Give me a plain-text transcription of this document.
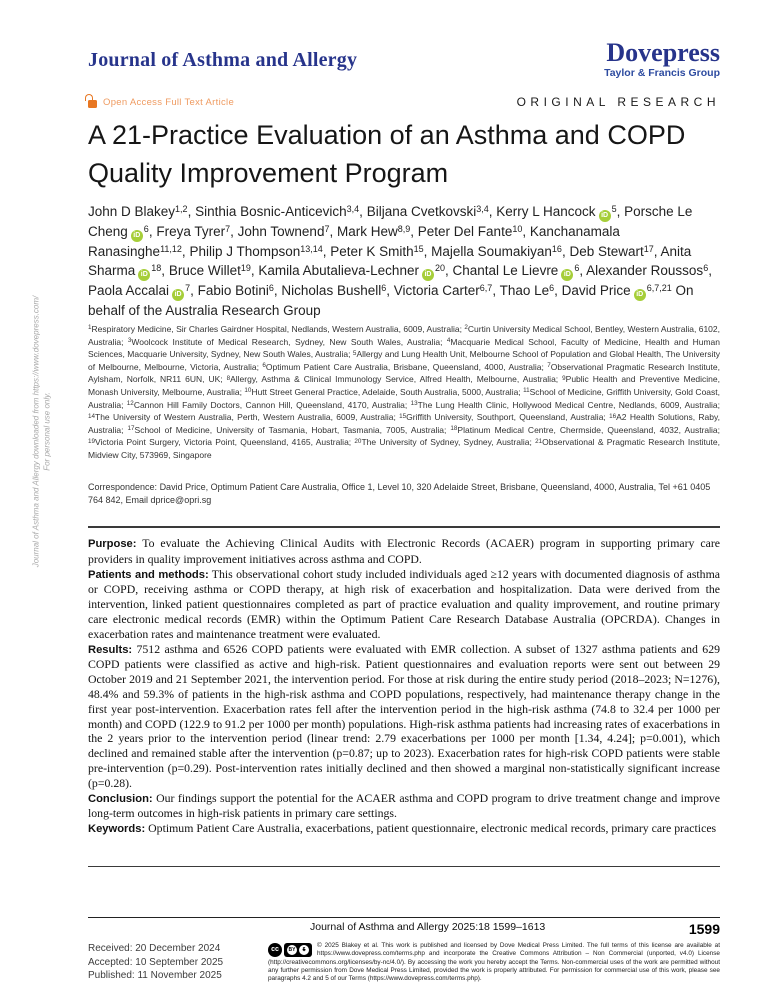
Journal of Asthma and Allergy downloaded from https://www.dovepress.com/ For personal use only.
Journal of Asthma and Allergy	Dovepress
Taylor & Francis Group
Open Access Full Text Article	ORIGINAL RESEARCH
A 21-Practice Evaluation of an Asthma and COPD
Quality Improvement Program

John D Blakey$^{1,2}$, Sinthia Bosnic-Anticevich$^{3,4}$, Biljana Cvetkovski$^{3,4}$, Kerry L Hancock $iD^5$, Porsche Le Cheng $iD^6$, Freya Tyrer$^7$, John Townend$^7$, Mark Hew$^{8,9}$, Peter Del Fante$^{10}$, Kanchanamala Ranasinghe$^{11,12}$, Philip J Thompson$^{13,14}$, Peter K Smith$^{15}$, Majella Soumakiyan$^{16}$, Deb Stewart$^{17}$, Anita Sharma $iD^{18}$, Bruce Willet$^{19}$, Kamila Abutalieva-Lechner $iD^{20}$, Chantal Le Lievre $iD^6$, Alexander Roussos$^6$, Paola Accalai $iD^7$, Fabio Botini$^6$, Nicholas Bushell$^6$, Victoria Carter$^{6,7}$, Thao Le$^6$, David Price iD$^{6,7,21}$ On behalf of the Australia Research Group

$^1$Respiratory Medicine, Sir Charles Gairdner Hospital, Nedlands, Western Australia, 6009, Australia; $^2$Curtin University Medical School, Bentley, Western Australia, 6102, Australia; $^3$Woolcock Institute of Medical Research, Sydney, New South Wales, Australia; $^4$Macquarie Medical School, Faculty of Medicine, Health and Human Sciences, Macquarie University, Sydney, New South Wales, Australia; $^5$Allergy and Lung Health Unit, Melbourne School of Population and Global Health, The University of Melbourne, Melbourne, Victoria, Australia; $^6$Optimum Patient Care Australia, Brisbane, Queensland, 4000, Australia; $^7$Observational Pragmatic Research Institute, Aylsham, Norfolk, NR11 6UN, UK; $^8$Allergy, Asthma & Clinical Immunology Service, Alfred Health, Melbourne, Australia; $^9$Public Health and Preventive Medicine, Monash University, Melbourne, Australia; $^{10}$Hutt Street General Practice, Adelaide, South Australia, 5000, Australia; $^{11}$School of Medicine, Griffith University, Gold Coast, Australia; $^{12}$Cannon Hill Family Doctors, Cannon Hill, Queensland, 4170, Australia; $^{13}$The Lung Health Clinic, Hollywood Medical Centre, Nedlands, 6009, Australia; $^{14}$The University of Western Australia, Perth, Western Australia, 6009, Australia; $^{15}$Griffith University, Southport, Queensland, Australia; $^{16}$A2 Health Solutions, Raby, Australia; $^{17}$School of Medicine, University of Tasmania, Hobart, Tasmania, 7005, Australia; $^{18}$Platinum Medical Centre, Chermside, Queensland, 4032, Australia; $^{19}$Victoria Point Surgery, Victoria Point, Queensland, 4165, Australia; $^{20}$The University of Sydney, Sydney, Australia; $^{21}$Observational & Pragmatic Research Institute, Midview City, 573969, Singapore

Correspondence: David Price, Optimum Patient Care Australia, Office 1, Level 10, 320 Adelaide Street, Brisbane, Queensland, 4000, Australia, Tel +61 0405 764 842, Email dprice@opri.sg

Purpose: To evaluate the Achieving Clinical Audits with Electronic Records (ACAER) program in supporting primary care providers in quality improvement initiatives across asthma and COPD.

Patients and methods: This observational cohort study included individuals aged ≥12 years with documented diagnosis of asthma or COPD, receiving asthma or COPD therapy, at high risk of exacerbation and hospitalization. Data were derived from the intervention, linked patient questionnaires completed as part of practice evaluation and quality improvement, and routine primary care electronic medical records (EMR) within the Optimum Patient Care Research Database Australia (OPCRDA). Changes in exacerbation rates and maintenance treatment were evaluated.

Results: 7512 asthma and 6526 COPD patients were evaluated with EMR collection. A subset of 1327 asthma patients and 629 COPD patients were classified as active and high-risk. Patient questionnaires and evaluation reports were sent out between 29 October 2019 and 21 September 2021, the intervention period. For those at risk during the entire study period (2018–2023; N=1276), 48.4% and 59.3% of patients in the high-risk asthma and COPD populations, respectively, had maintenance therapy change in the first year post-intervention. Exacerbation rates fell after the intervention period in the high-risk asthma (74.8 to 32.4 per 1000 per month) and COPD (122.9 to 91.2 per 1000 per month) populations. High-risk asthma patients had increasing rates of exacerbations in the 2 years prior to the intervention period (linear trend: 2.79 exacerbations per 1000 per month [1.34, 4.24]; p=0.001), which declined and remained stable after the intervention (p=0.87; up to 2023). Exacerbation rates for high-risk COPD patients were stable pre-intervention (p=0.29). Post-intervention rates initially declined and then showed a marginal non-statistically significant increase (p=0.28).

Conclusion: Our findings support the potential for the ACAER asthma and COPD program to drive treatment change and improve long-term outcomes in high-risk patients in primary care settings.

Keywords: Optimum Patient Care Australia, exacerbations, patient questionnaire, electronic medical records, primary care practices

Journal of Asthma and Allergy 2025:18 1599–1613	1599
Received: 20 December 2024
Accepted: 10 September 2025
Published: 11 November 2025
cc	BY	$
© 2025 Blakey et al. This work is published and licensed by Dove Medical Press Limited. The full terms of this license are available at https://www.dovepress.com/terms.php and incorporate the Creative Commons Attribution – Non Commercial (unported, v4.0) License (http://creativecommons.org/licenses/by-nc/4.0/). By accessing the work you hereby accept the Terms. Non-commercial uses of the work are permitted without any further permission from Dove Medical Press Limited, provided the work is properly attributed. For permission for commercial use of this work, please see paragraphs 4.2 and 5 of our Terms (https://www.dovepress.com/terms.php).
